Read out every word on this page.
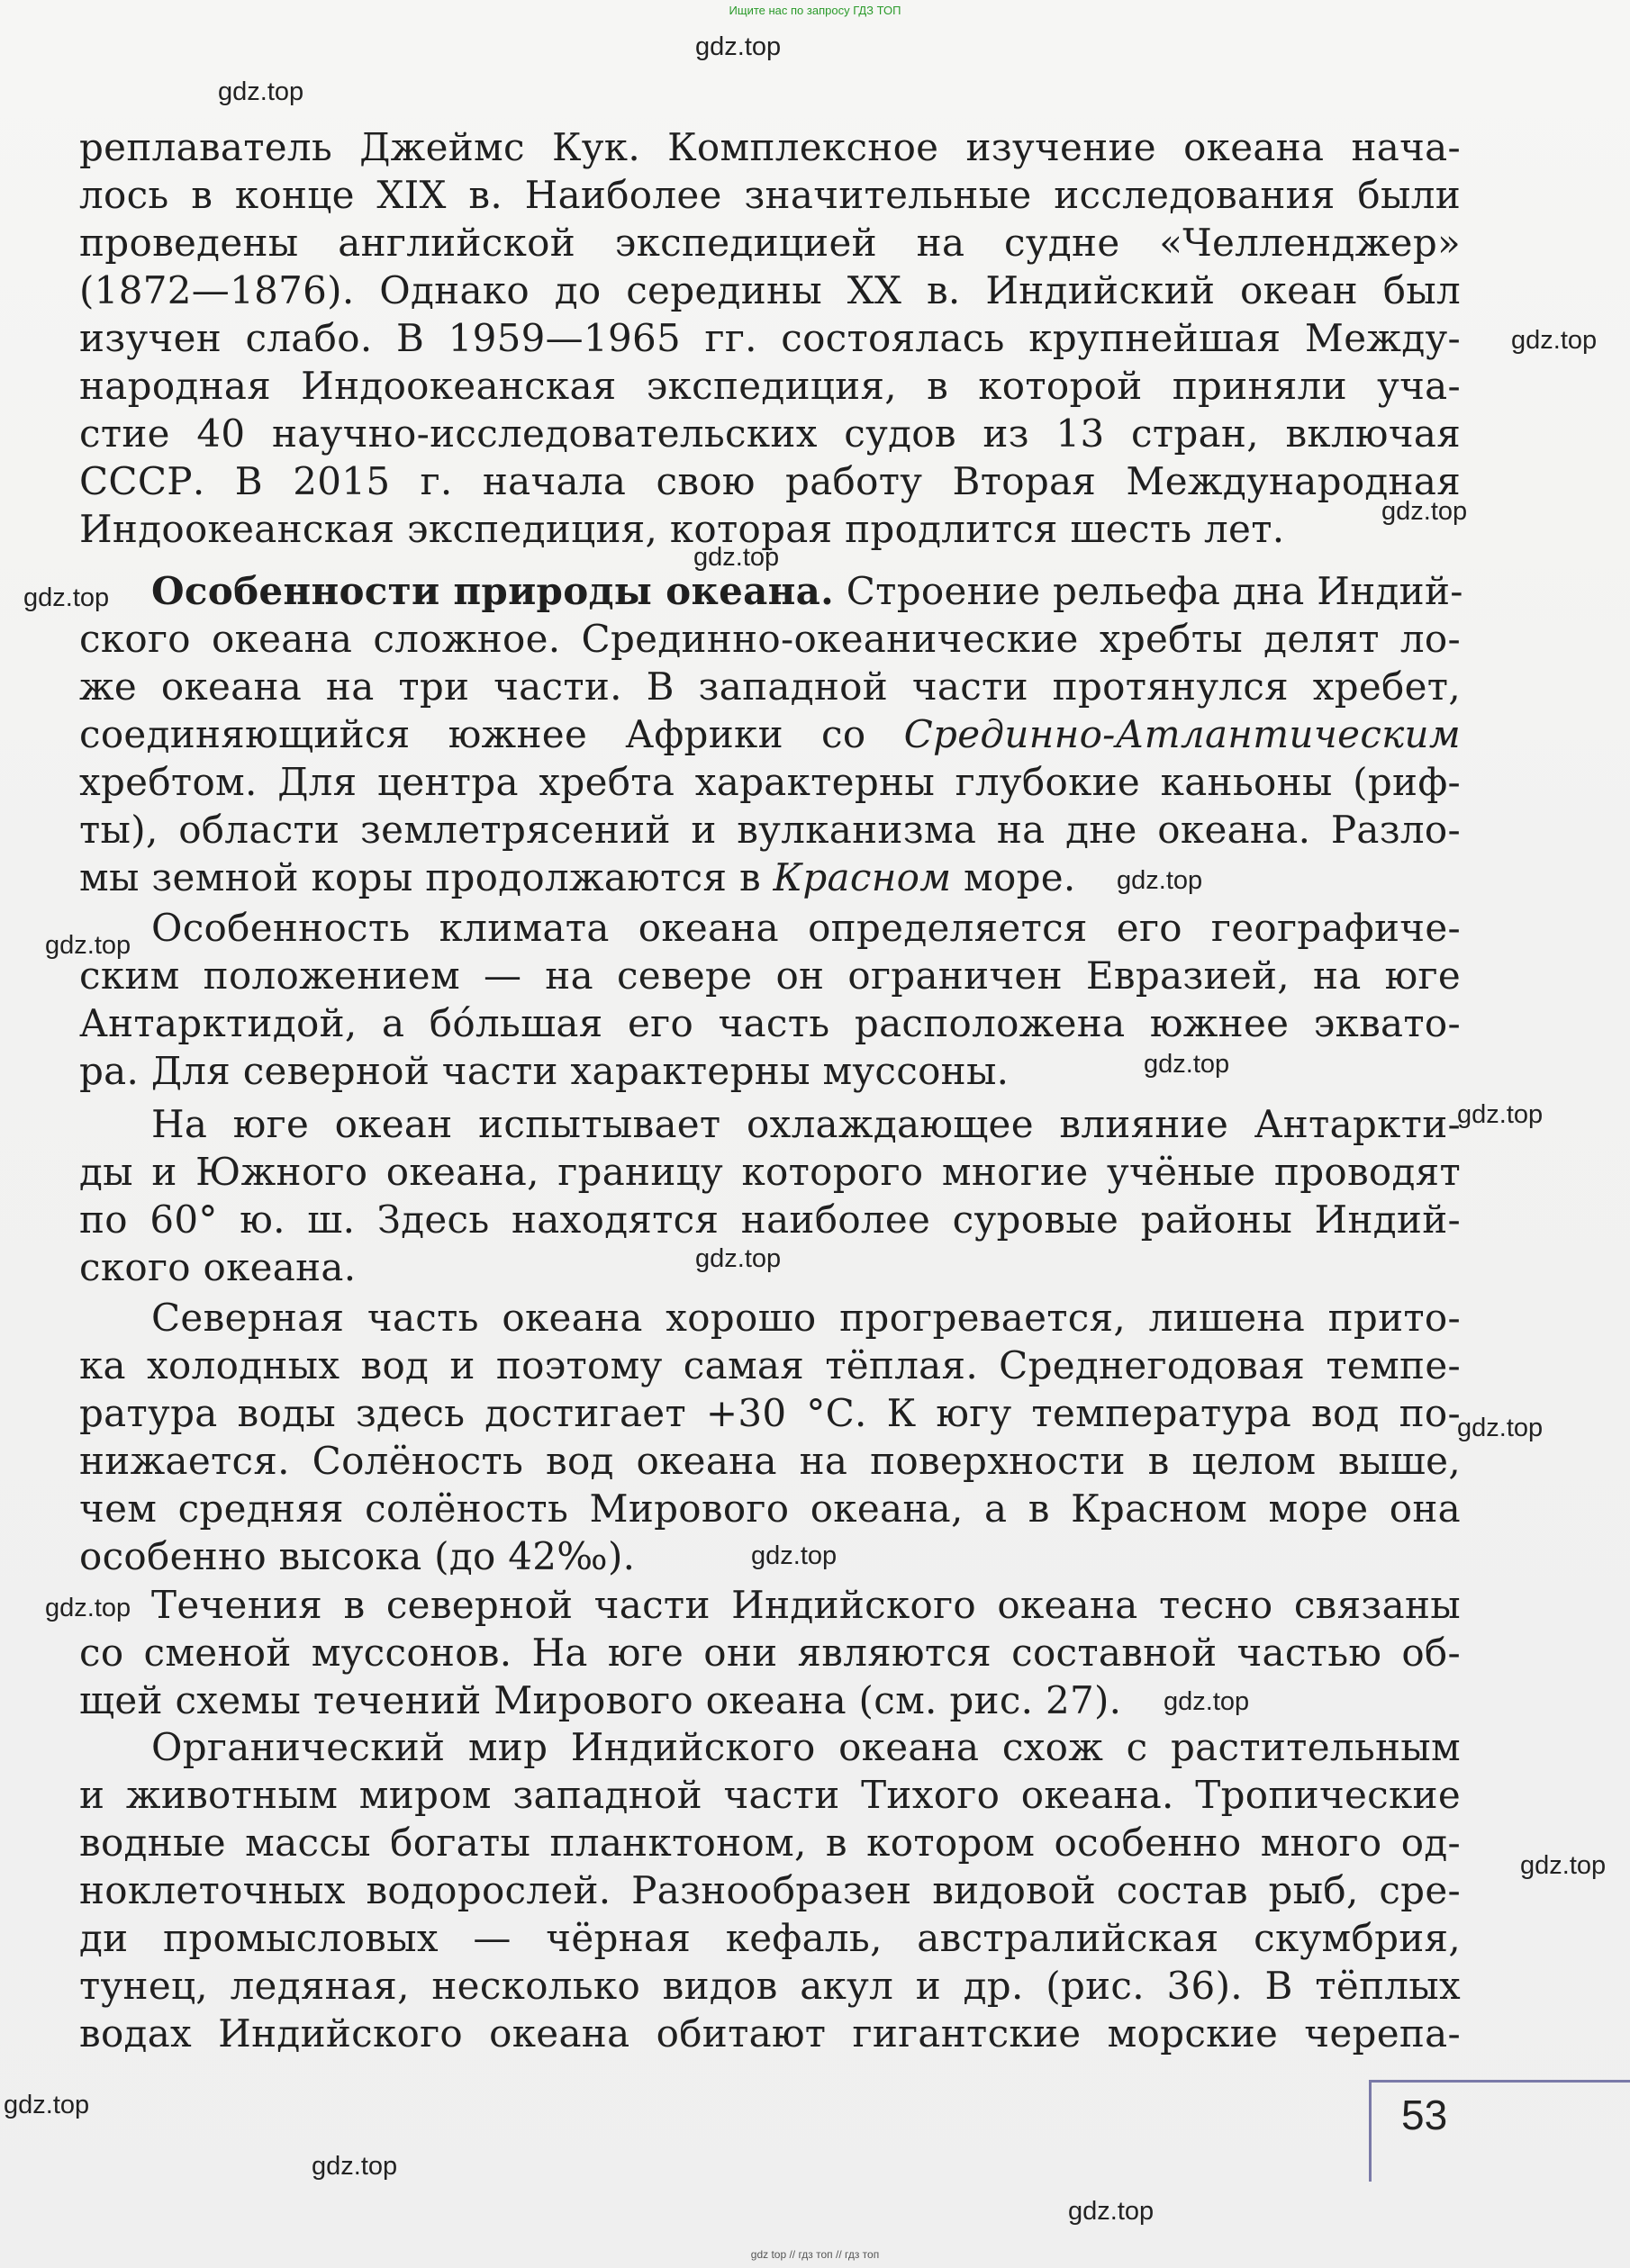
Ищите нас по запросу ГДЗ ТОП
реплаватель Джеймс Кук. Комплексное изучение океана нача-
лось в конце XIX в. Наиболее значительные исследования были
проведены английской экспедицией на судне «Челленджер»
(1872—1876). Однако до середины XX в. Индийский океан был
изучен слабо. В 1959—1965 гг. состоялась крупнейшая Между-
народная Индоокеанская экспедиция, в которой приняли уча-
стие 40 научно-исследовательских судов из 13 стран, включая
СССР. В 2015 г. начала свою работу Вторая Международная
Индоокеанская экспедиция, которая продлится шесть лет.
Особенности природы океана. Строение рельефа дна Индий-
ского океана сложное. Срединно-океанические хребты делят ло-
же океана на три части. В западной части протянулся хребет,
соединяющийся южнее Африки со Срединно-Атлантическим
хребтом. Для центра хребта характерны глубокие каньоны (риф-
ты), области землетрясений и вулканизма на дне океана. Разло-
мы земной коры продолжаются в Красном море.
Особенность климата океана определяется его географиче-
ским положением — на севере он ограничен Евразией, на юге
Антарктидой, а бóльшая его часть расположена южнее эквато-
ра. Для северной части характерны муссоны.
На юге океан испытывает охлаждающее влияние Антаркти-
ды и Южного океана, границу которого многие учёные проводят
по 60° ю. ш. Здесь находятся наиболее суровые районы Индий-
ского океана.
Северная часть океана хорошо прогревается, лишена прито-
ка холодных вод и поэтому самая тёплая. Среднегодовая темпе-
ратура воды здесь достигает +30 °С. К югу температура вод по-
нижается. Солёность вод океана на поверхности в целом выше,
чем средняя солёность Мирового океана, а в Красном море она
особенно высока (до 42‰).
Течения в северной части Индийского океана тесно связаны
со сменой муссонов. На юге они являются составной частью об-
щей схемы течений Мирового океана (см. рис. 27).
Органический мир Индийского океана схож с растительным
и животным миром западной части Тихого океана. Тропические
водные массы богаты планктоном, в котором особенно много од-
ноклеточных водорослей. Разнообразен видовой состав рыб, сре-
ди промысловых — чёрная кефаль, австралийская скумбрия,
тунец, ледяная, несколько видов акул и др. (рис. 36). В тёплых
водах Индийского океана обитают гигантские морские черепа-
gdz.top
gdz.top
gdz.top
gdz.top
gdz.top
gdz.top
gdz.top
gdz.top
gdz.top
gdz.top
gdz.top
gdz.top
gdz.top
gdz.top
gdz.top
gdz.top
gdz.top
gdz.top
gdz.top
53
gdz top // гдз топ // гдз топ
